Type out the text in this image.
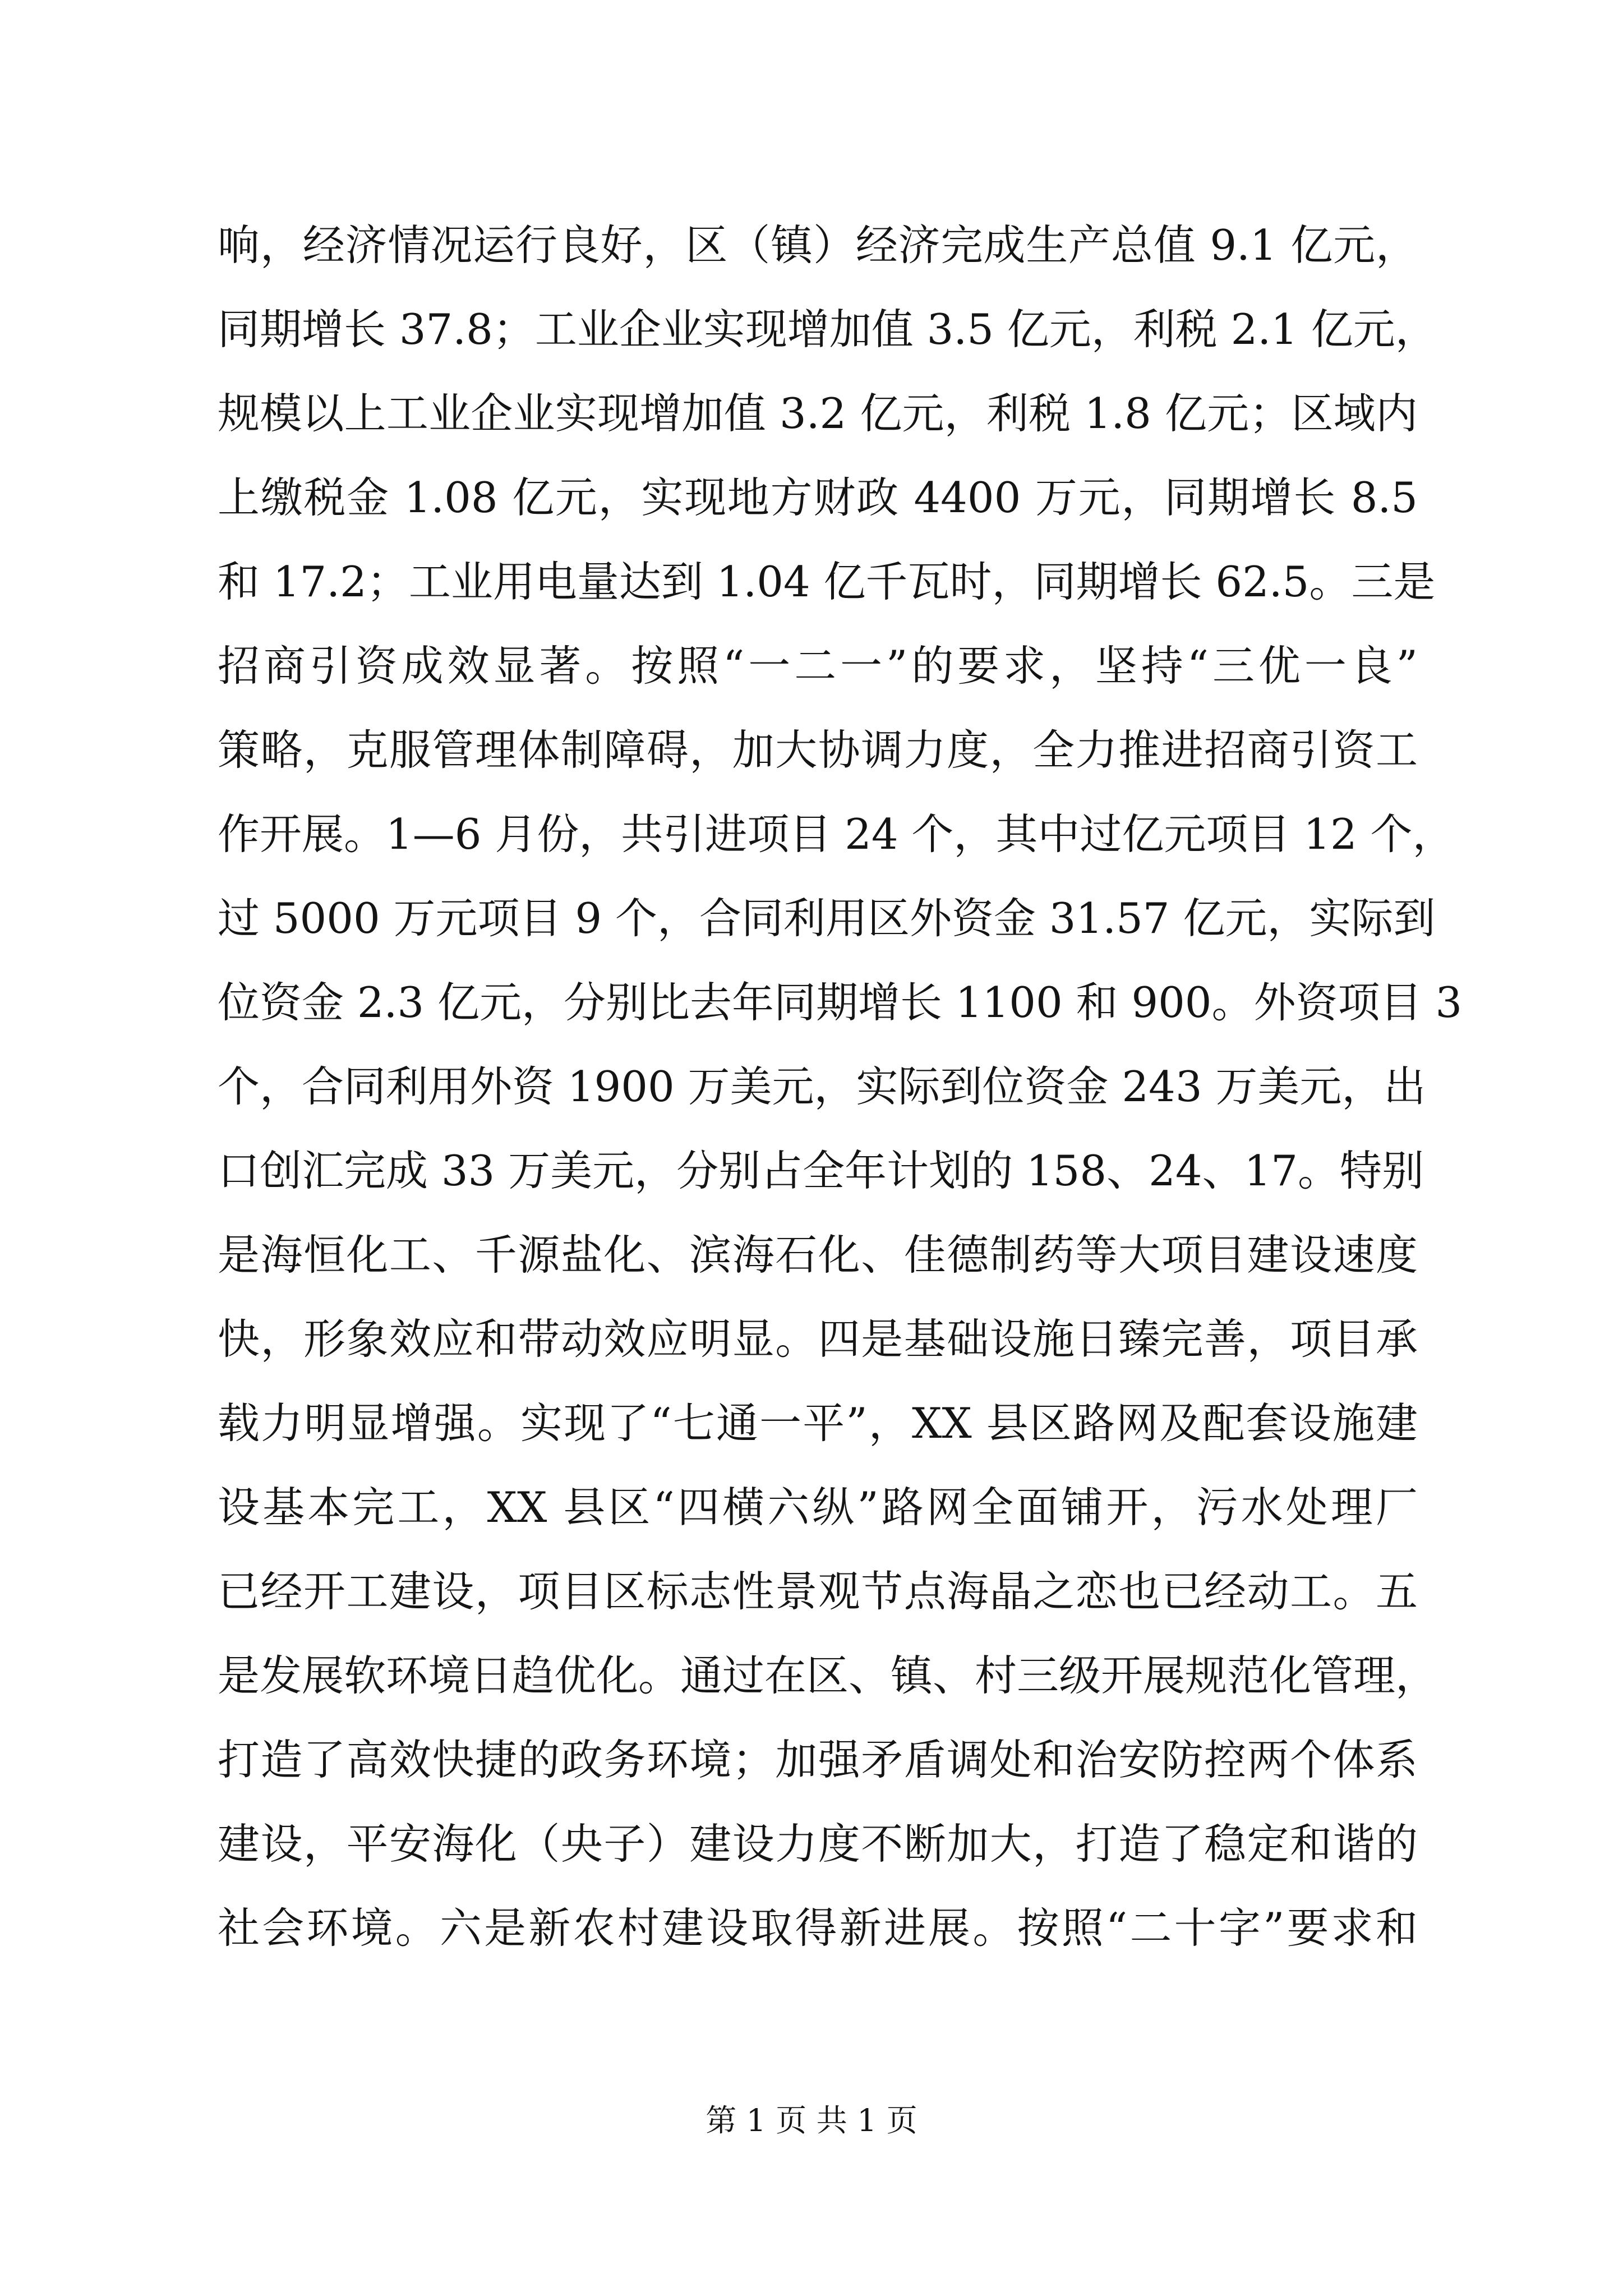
响，经济情况运行良好，区（镇）经济完成生产总值 9.1 亿元，
同期增长 37.8；工业企业实现增加值 3.5 亿元，利税 2.1 亿元，
规模以上工业企业实现增加值 3.2 亿元，利税 1.8 亿元；区域内
上缴税金 1.08 亿元，实现地方财政 4400 万元，同期增长 8.5
和 17.2；工业用电量达到 1.04 亿千瓦时，同期增长 62.5。三是
招商引资成效显著。按照“一二一”的要求，坚持“三优一良”
策略，克服管理体制障碍，加大协调力度，全力推进招商引资工
作开展。1—6 月份，共引进项目 24 个，其中过亿元项目 12 个，
过 5000 万元项目 9 个，合同利用区外资金 31.57 亿元，实际到
位资金 2.3 亿元，分别比去年同期增长 1100 和 900。外资项目 3
个，合同利用外资 1900 万美元，实际到位资金 243 万美元，出
口创汇完成 33 万美元，分别占全年计划的 158、24、17。特别
是海恒化工、千源盐化、滨海石化、佳德制药等大项目建设速度
快，形象效应和带动效应明显。四是基础设施日臻完善，项目承
载力明显增强。实现了“七通一平”，XX 县区路网及配套设施建
设基本完工，XX 县区“四横六纵”路网全面铺开，污水处理厂
已经开工建设，项目区标志性景观节点海晶之恋也已经动工。五
是发展软环境日趋优化。通过在区、镇、村三级开展规范化管理，
打造了高效快捷的政务环境；加强矛盾调处和治安防控两个体系
建设，平安海化（央子）建设力度不断加大，打造了稳定和谐的
社会环境。六是新农村建设取得新进展。按照“二十字”要求和
第 1 页 共 1 页
